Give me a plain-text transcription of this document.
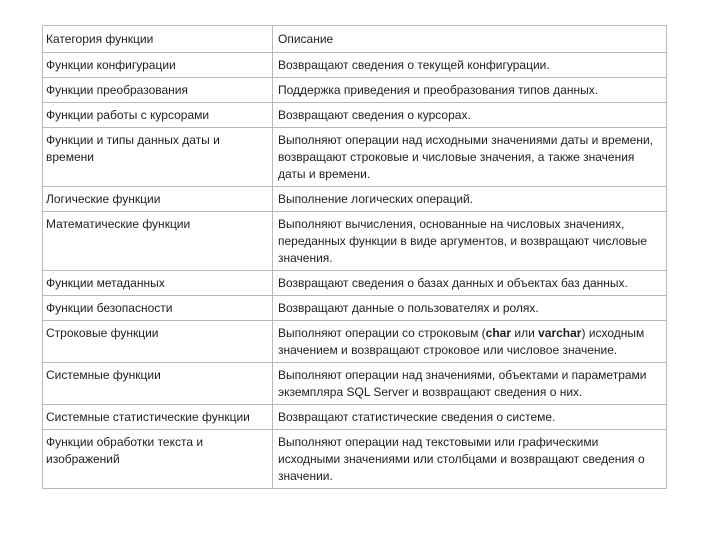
Категория функции	Описание
Функции конфигурации	Возвращают сведения о текущей конфигурации.
Функции преобразования	Поддержка приведения и преобразования типов данных.
Функции работы с курсорами	Возвращают сведения о курсорах.
Функции и типы данных даты и времени	Выполняют операции над исходными значениями даты и времени, возвращают строковые и числовые значения, а также значения даты и времени.
Логические функции	Выполнение логических операций.
Математические функции	Выполняют вычисления, основанные на числовых значениях, переданных функции в виде аргументов, и возвращают числовые значения.
Функции метаданных	Возвращают сведения о базах данных и объектах баз данных.
Функции безопасности	Возвращают данные о пользователях и ролях.
Строковые функции	Выполняют операции со строковым (char или varchar) исходным значением и возвращают строковое или числовое значение.
Системные функции	Выполняют операции над значениями, объектами и параметрами экземпляра SQL Server и возвращают сведения о них.
Системные статистические функции	Возвращают статистические сведения о системе.
Функции обработки текста и изображений	Выполняют операции над текстовыми или графическими исходными значениями или столбцами и возвращают сведения о значении.
